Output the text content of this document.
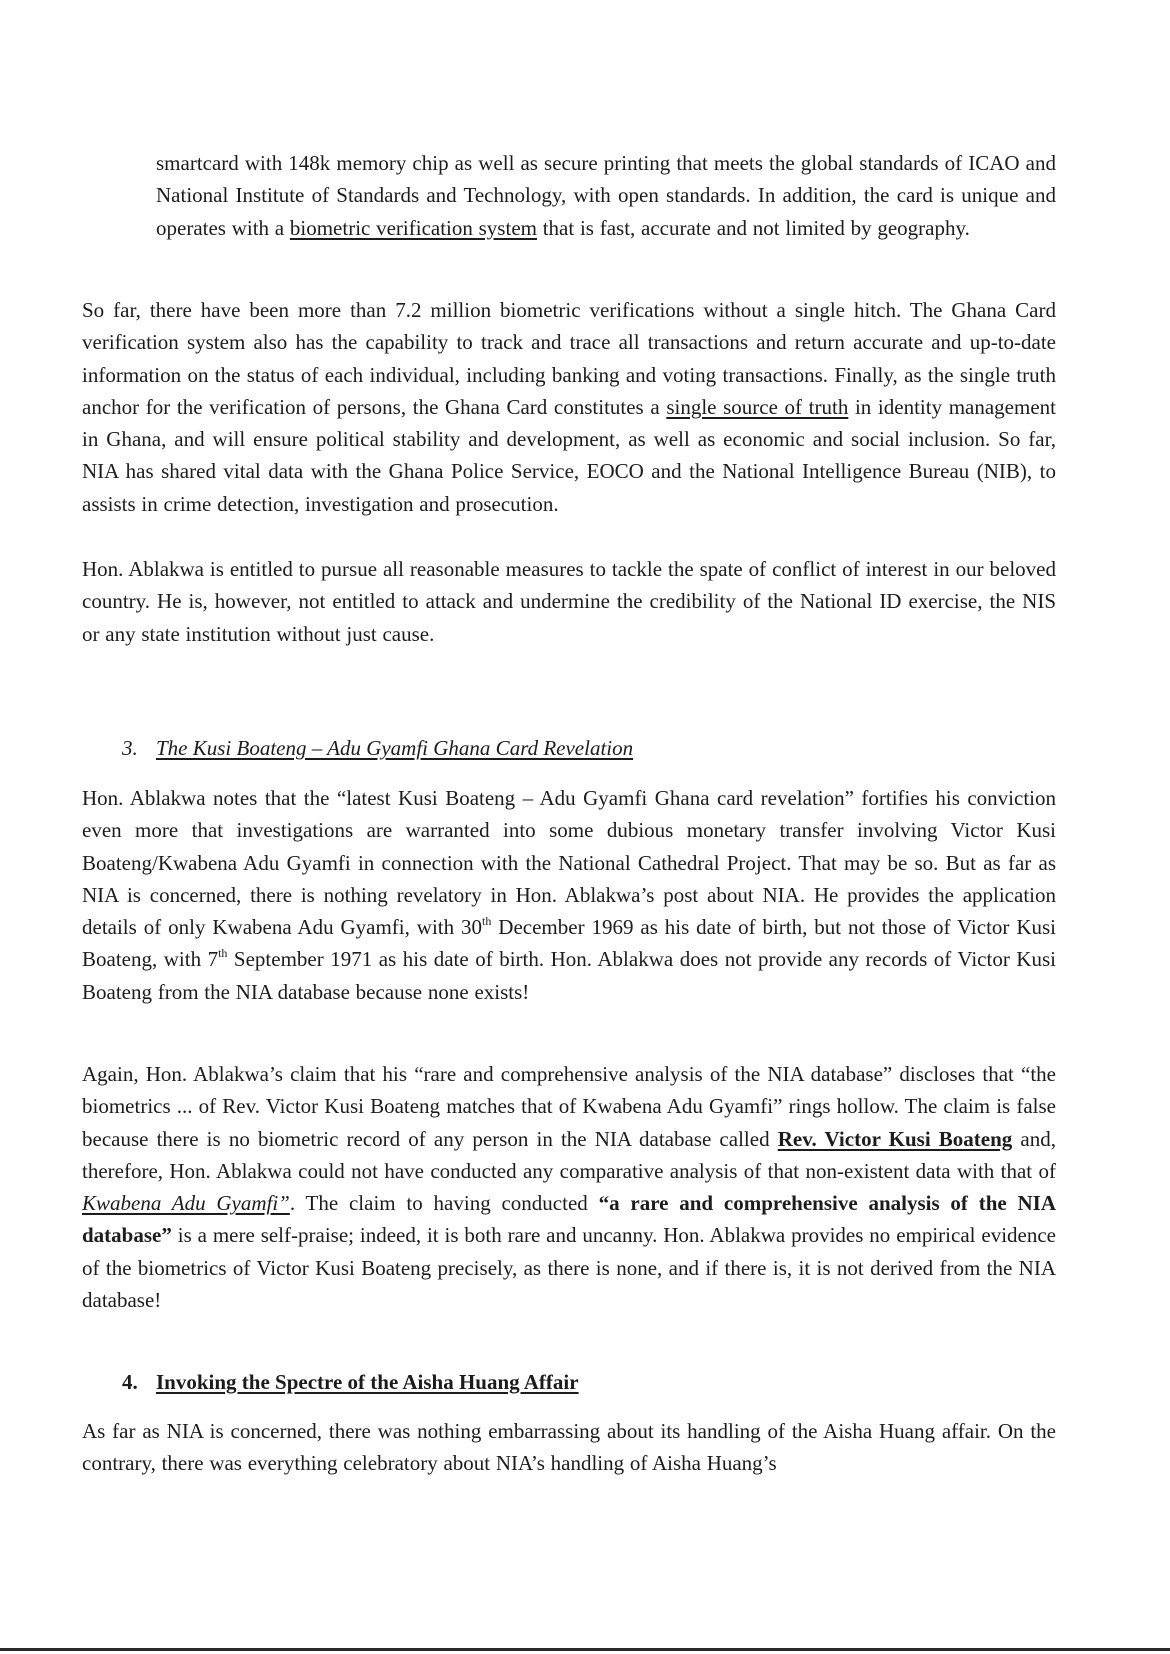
smartcard with 148k memory chip as well as secure printing that meets the global standards of ICAO and National Institute of Standards and Technology, with open standards. In addition, the card is unique and operates with a biometric verification system that is fast, accurate and not limited by geography.

So far, there have been more than 7.2 million biometric verifications without a single hitch. The Ghana Card verification system also has the capability to track and trace all transactions and return accurate and up-to-date information on the status of each individual, including banking and voting transactions. Finally, as the single truth anchor for the verification of persons, the Ghana Card constitutes a single source of truth in identity management in Ghana, and will ensure political stability and development, as well as economic and social inclusion. So far, NIA has shared vital data with the Ghana Police Service, EOCO and the National Intelligence Bureau (NIB), to assists in crime detection, investigation and prosecution.

Hon. Ablakwa is entitled to pursue all reasonable measures to tackle the spate of conflict of interest in our beloved country. He is, however, not entitled to attack and undermine the credibility of the National ID exercise, the NIS or any state institution without just cause.

3. The Kusi Boateng – Adu Gyamfi Ghana Card Revelation

Hon. Ablakwa notes that the “latest Kusi Boateng – Adu Gyamfi Ghana card revelation” fortifies his conviction even more that investigations are warranted into some dubious monetary transfer involving Victor Kusi Boateng/Kwabena Adu Gyamfi in connection with the National Cathedral Project. That may be so. But as far as NIA is concerned, there is nothing revelatory in Hon. Ablakwa’s post about NIA. He provides the application details of only Kwabena Adu Gyamfi, with 30th December 1969 as his date of birth, but not those of Victor Kusi Boateng, with 7th September 1971 as his date of birth. Hon. Ablakwa does not provide any records of Victor Kusi Boateng from the NIA database because none exists!

Again, Hon. Ablakwa’s claim that his “rare and comprehensive analysis of the NIA database” discloses that “the biometrics ... of Rev. Victor Kusi Boateng matches that of Kwabena Adu Gyamfi” rings hollow. The claim is false because there is no biometric record of any person in the NIA database called Rev. Victor Kusi Boateng and, therefore, Hon. Ablakwa could not have conducted any comparative analysis of that non-existent data with that of Kwabena Adu Gyamfi”. The claim to having conducted “a rare and comprehensive analysis of the NIA database” is a mere self-praise; indeed, it is both rare and uncanny. Hon. Ablakwa provides no empirical evidence of the biometrics of Victor Kusi Boateng precisely, as there is none, and if there is, it is not derived from the NIA database!

4. Invoking the Spectre of the Aisha Huang Affair

As far as NIA is concerned, there was nothing embarrassing about its handling of the Aisha Huang affair. On the contrary, there was everything celebratory about NIA’s handling of Aisha Huang’s
